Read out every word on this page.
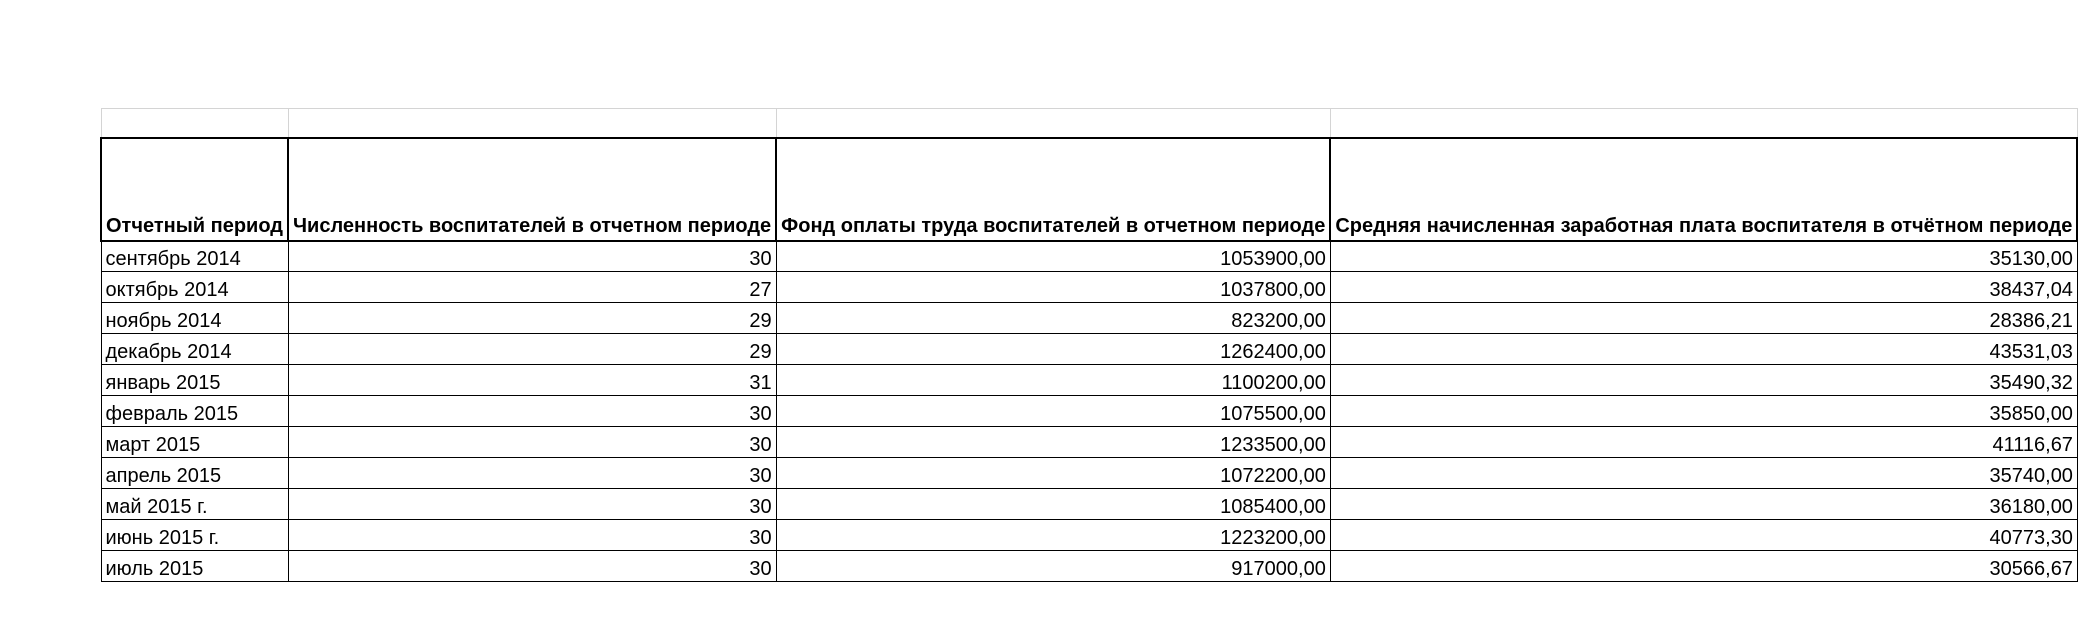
Отчетный период	Численность воспитателей в отчетном периоде	Фонд оплаты труда воспитателей в отчетном периоде	Средняя начисленная заработная плата воспитателя в отчётном периоде
сентябрь 2014	30	1053900,00	35130,00
октябрь 2014	27	1037800,00	38437,04
ноябрь 2014	29	823200,00	28386,21
декабрь 2014	29	1262400,00	43531,03
январь 2015	31	1100200,00	35490,32
февраль 2015	30	1075500,00	35850,00
март 2015	30	1233500,00	41116,67
апрель 2015	30	1072200,00	35740,00
май 2015 г.	30	1085400,00	36180,00
июнь 2015 г.	30	1223200,00	40773,30
июль 2015	30	917000,00	30566,67
